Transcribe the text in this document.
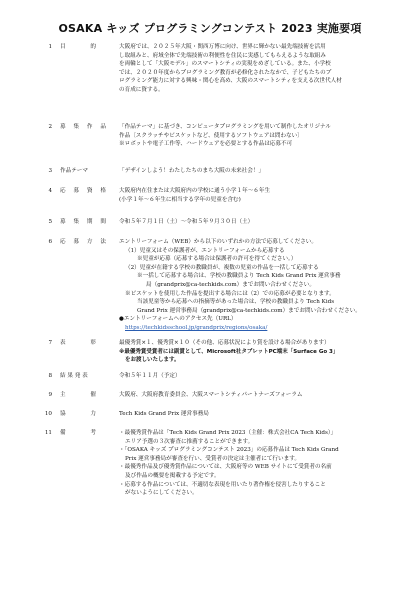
OSAKA キッズ プログラミングコンテスト 2023 実施要項
1 目	的	大阪府では、２０２５年大阪・関西万博に向け、世界に輝かない最先端技術を活用

し取組みと、府域全体で先端技術の利便性を住民に実感してもらえるような取組み

を両輪として「大阪モデル」のスマートシティの実現をめざしている。また、小学校

では、２０２０年度からプログラミング教育が必修化されたなかで、子どもたちのプ

ログラミング能力に対する興味・関心を高め、大阪のスマートシティを支える次世代人材

の育成に資する。

2 募 集 作 品 「作品テーマ」に基づき、コンピュータプログラミングを用いて制作したオリジナル

作品〔スクラッチやビスケットなど、使用するソフトウェアは問わない〕

※ロボットや電子工作等、ハードウェアを必要とする作品は応募不可

3 作品テーマ	「デザインしよう！わたしたちのまち大阪の未来社会！」

4 応 募 資 格 大阪府内在住または大阪府内の学校に通う小学１年～６年生

(小学１年～６年生に相当する学年の児童を含む)

5 募 集 期 間 令和５年７月１日（土）～令和５年９月３０日（土）

6 応 募 方 法 エントリーフォーム（WEB）から以下のいずれかの方法で応募してください。

（1）児童又はその保護者が、エントリーフォームから応募する

※児童が応募（応募する場合は保護者の許可を得てください。）

（2）児童が在籍する学校の教職員が、複数の児童の作品を一括して応募する

※一括して応募する場合は、学校の教職員より Tech Kids Grand Prix 運営事務

局（grandprix@ca-techkids.com）までお問い合わせください。

※ビスケットを使用した作品を提出する場合には（2）での応募が必要となります。

当該児童等から応募への指摘等があった場合は、学校の教職員より Tech Kids

Grand Prix 運営事務局（grandprix@ca-techkids.com）までお問い合わせください。

●エントリーフォームへのアクセス先（URL）

https://techkidsschool.jp/grandprix/regions/osaka/

7 表	彰	最優秀賞×１、優秀賞×１０（その他、応募状況により賞を設ける場合があります）

※最優秀賞受賞者には副賞として、Microsoft社タブレットPC端末「Surface Go 3」

をお渡しいたします。

8 結 果 発 表	令和５年１１月（予定）

9 主	催	大阪府、大阪府教育委員会、大阪スマートシティパートナーズフォーラム

10 協	力	Tech Kids Grand Prix 運営事務局

11 備	考	・最優秀賞作品は「Tech Kids Grand Prix 2023（主催：株式会社CA Tech Kids）」

エリア予選の３次審査に推薦することができます。

・「OSAKA キッズ プログラミングコンテスト 2023」の応募作品は Tech Kids Grand

Prix 運営事務局が審査を行い、受賞者の決定は主催者にて行います。

・最優秀作品及び優秀賞作品については、大阪府等の WEB サイトにて受賞者の名前

及び作品の概要を掲載する予定です。

・応募する作品については、不適切な表現を用いたり著作権を侵害したりすること

がないようにしてください。
